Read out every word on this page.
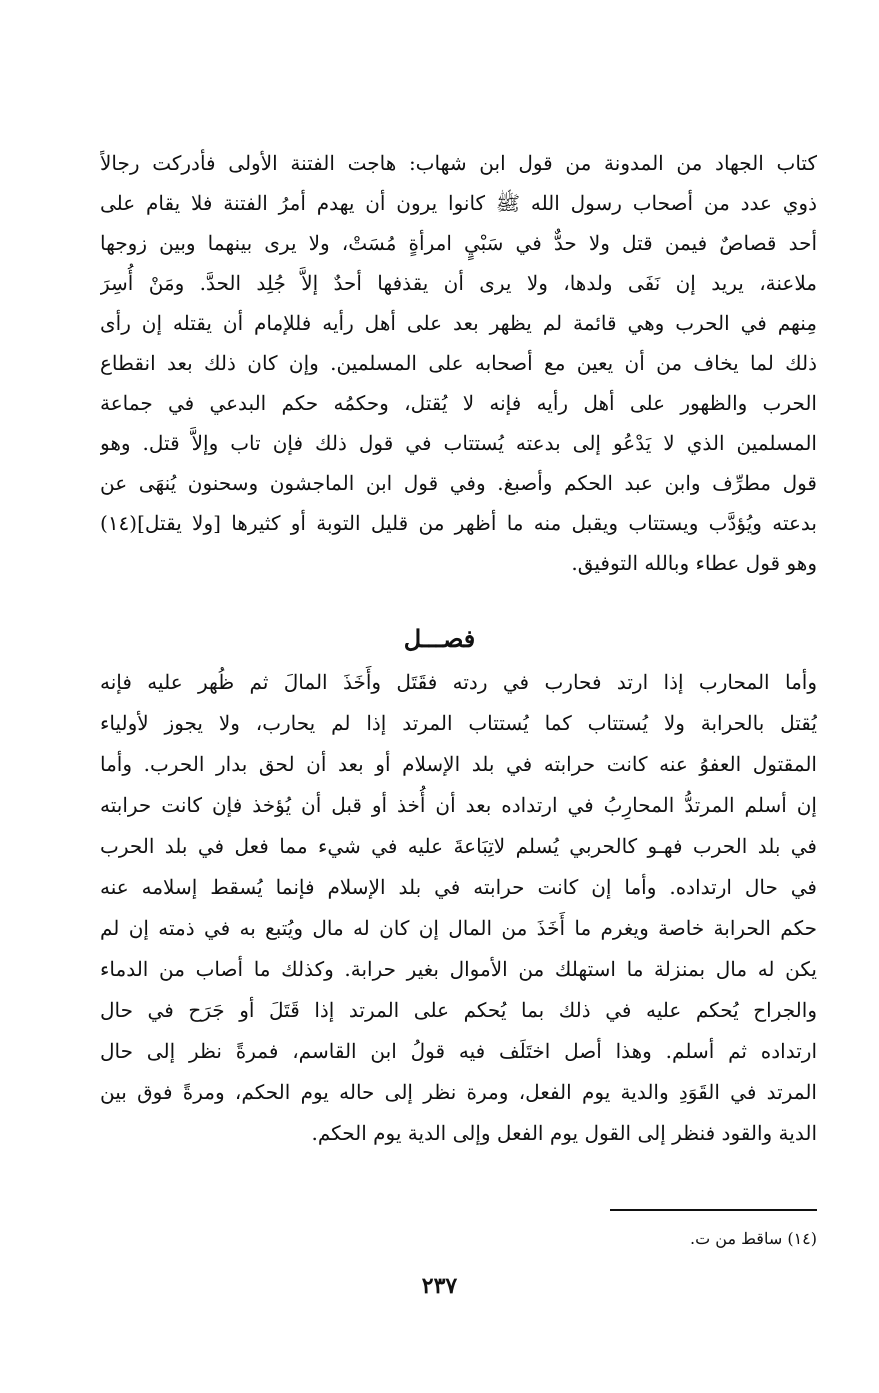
كتاب الجهاد من المدونة من قول ابن شهاب: هاجت الفتنة الأولى فأدركت رجالاً
ذوي عدد من أصحاب رسول الله ﷺ كانوا يرون أن يهدم أمرُ الفتنة فلا يقام على
أحد قصاصٌ فيمن قتل ولا حدٌّ في سَبْيٍ امرأةٍ مُسَتْ، ولا يرى بينهما وبين زوجها
ملاعنة، يريد إن نَفَى ولدها، ولا يرى أن يقذفها أحدٌ إلاَّ جُلِد الحدَّ. ومَنْ أُسِرَ
مِنهم في الحرب وهي قائمة لم يظهر بعد على أهل رأيه فللإمام أن يقتله إن رأى
ذلك لما يخاف من أن يعين مع أصحابه على المسلمين. وإن كان ذلك بعد انقطاع
الحرب والظهور على أهل رأيه فإنه لا يُقتل، وحكمُه حكم البدعي في جماعة
المسلمين الذي لا يَدْعُو إلى بدعته يُستتاب في قول ذلك فإن تاب وإلاَّ قتل. وهو
قول مطرِّف وابن عبد الحكم وأصبغ. وفي قول ابن الماجشون وسحنون يُنهَى عن
بدعته ويُؤدَّب ويستتاب ويقبل منه ما أظهر من قليل التوبة أو كثيرها [ولا يقتل](١٤)
وهو قول عطاء وبالله التوفيق.
فصـــل
وأما المحارب إذا ارتد فحارب في ردته فقَتَل وأَخَذَ المالَ ثم ظُهر عليه فإنه
يُقتل بالحرابة ولا يُستتاب كما يُستتاب المرتد إذا لم يحارب، ولا يجوز لأولياء
المقتول العفوُ عنه كانت حرابته في بلد الإسلام أو بعد أن لحق بدار الحرب. وأما
إن أسلم المرتدُّ المحارِبُ في ارتداده بعد أن أُخذ أو قبل أن يُؤخذ فإن كانت حرابته
في بلد الحرب فهـو كالحربي يُسلم لاتِبَاعةَ عليه في شيء مما فعل في بلد الحرب
في حال ارتداده. وأما إن كانت حرابته في بلد الإسلام فإنما يُسقط إسلامه عنه
حكم الحرابة خاصة ويغرم ما أَخَذَ من المال إن كان له مال ويُتبع به في ذمته إن لم
يكن له مال بمنزلة ما استهلك من الأموال بغير حرابة. وكذلك ما أصاب من الدماء
والجراح يُحكم عليه في ذلك بما يُحكم على المرتد إذا قَتَلَ أو جَرَح في حال
ارتداده ثم أسلم. وهذا أصل اختَلَف فيه قولُ ابن القاسم، فمرةً نظر إلى حال
المرتد في القَوَدِ والدية يوم الفعل، ومرة نظر إلى حاله يوم الحكم، ومرةً فوق بين
الدية والقود فنظر إلى القول يوم الفعل وإلى الدية يوم الحكم.
(١٤) ساقط من ت.
٢٣٧
